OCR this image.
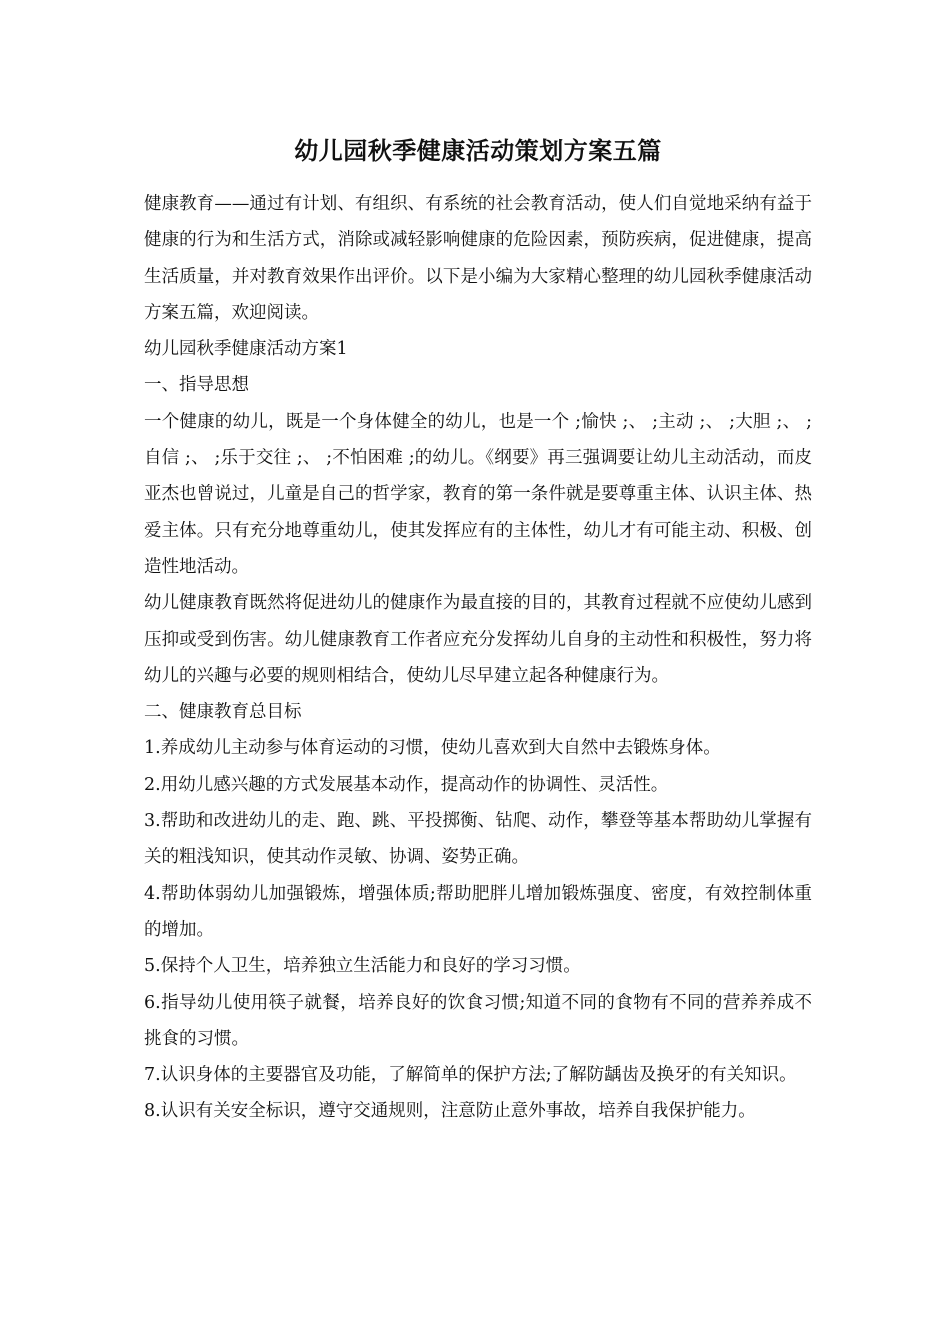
幼儿园秋季健康活动策划方案五篇

健康教育——通过有计划、有组织、有系统的社会教育活动，使人们自觉地采纳有益于健康的行为和生活方式，消除或减轻影响健康的危险因素，预防疾病，促进健康，提高生活质量，并对教育效果作出评价。以下是小编为大家精心整理的幼儿园秋季健康活动方案五篇，欢迎阅读。

幼儿园秋季健康活动方案1

一、指导思想

一个健康的幼儿，既是一个身体健全的幼儿，也是一个 ;愉快 ;、 ;主动 ;、 ;大胆 ;、 ;自信 ;、 ;乐于交往 ;、 ;不怕困难 ;的幼儿。《纲要》再三强调要让幼儿主动活动，而皮亚杰也曾说过，儿童是自己的哲学家，教育的第一条件就是要尊重主体、认识主体、热爱主体。只有充分地尊重幼儿，使其发挥应有的主体性，幼儿才有可能主动、积极、创造性地活动。

幼儿健康教育既然将促进幼儿的健康作为最直接的目的，其教育过程就不应使幼儿感到压抑或受到伤害。幼儿健康教育工作者应充分发挥幼儿自身的主动性和积极性，努力将幼儿的兴趣与必要的规则相结合，使幼儿尽早建立起各种健康行为。

二、健康教育总目标

1.养成幼儿主动参与体育运动的习惯，使幼儿喜欢到大自然中去锻炼身体。

2.用幼儿感兴趣的方式发展基本动作，提高动作的协调性、灵活性。

3.帮助和改进幼儿的走、跑、跳、平投掷衡、钻爬、动作，攀登等基本帮助幼儿掌握有关的粗浅知识，使其动作灵敏、协调、姿势正确。

4.帮助体弱幼儿加强锻炼，增强体质;帮助肥胖儿增加锻炼强度、密度，有效控制体重的增加。

5.保持个人卫生，培养独立生活能力和良好的学习习惯。

6.指导幼儿使用筷子就餐，培养良好的饮食习惯;知道不同的食物有不同的营养养成不挑食的习惯。

7.认识身体的主要器官及功能，了解简单的保护方法;了解防龋齿及换牙的有关知识。

8.认识有关安全标识，遵守交通规则，注意防止意外事故，培养自我保护能力。
